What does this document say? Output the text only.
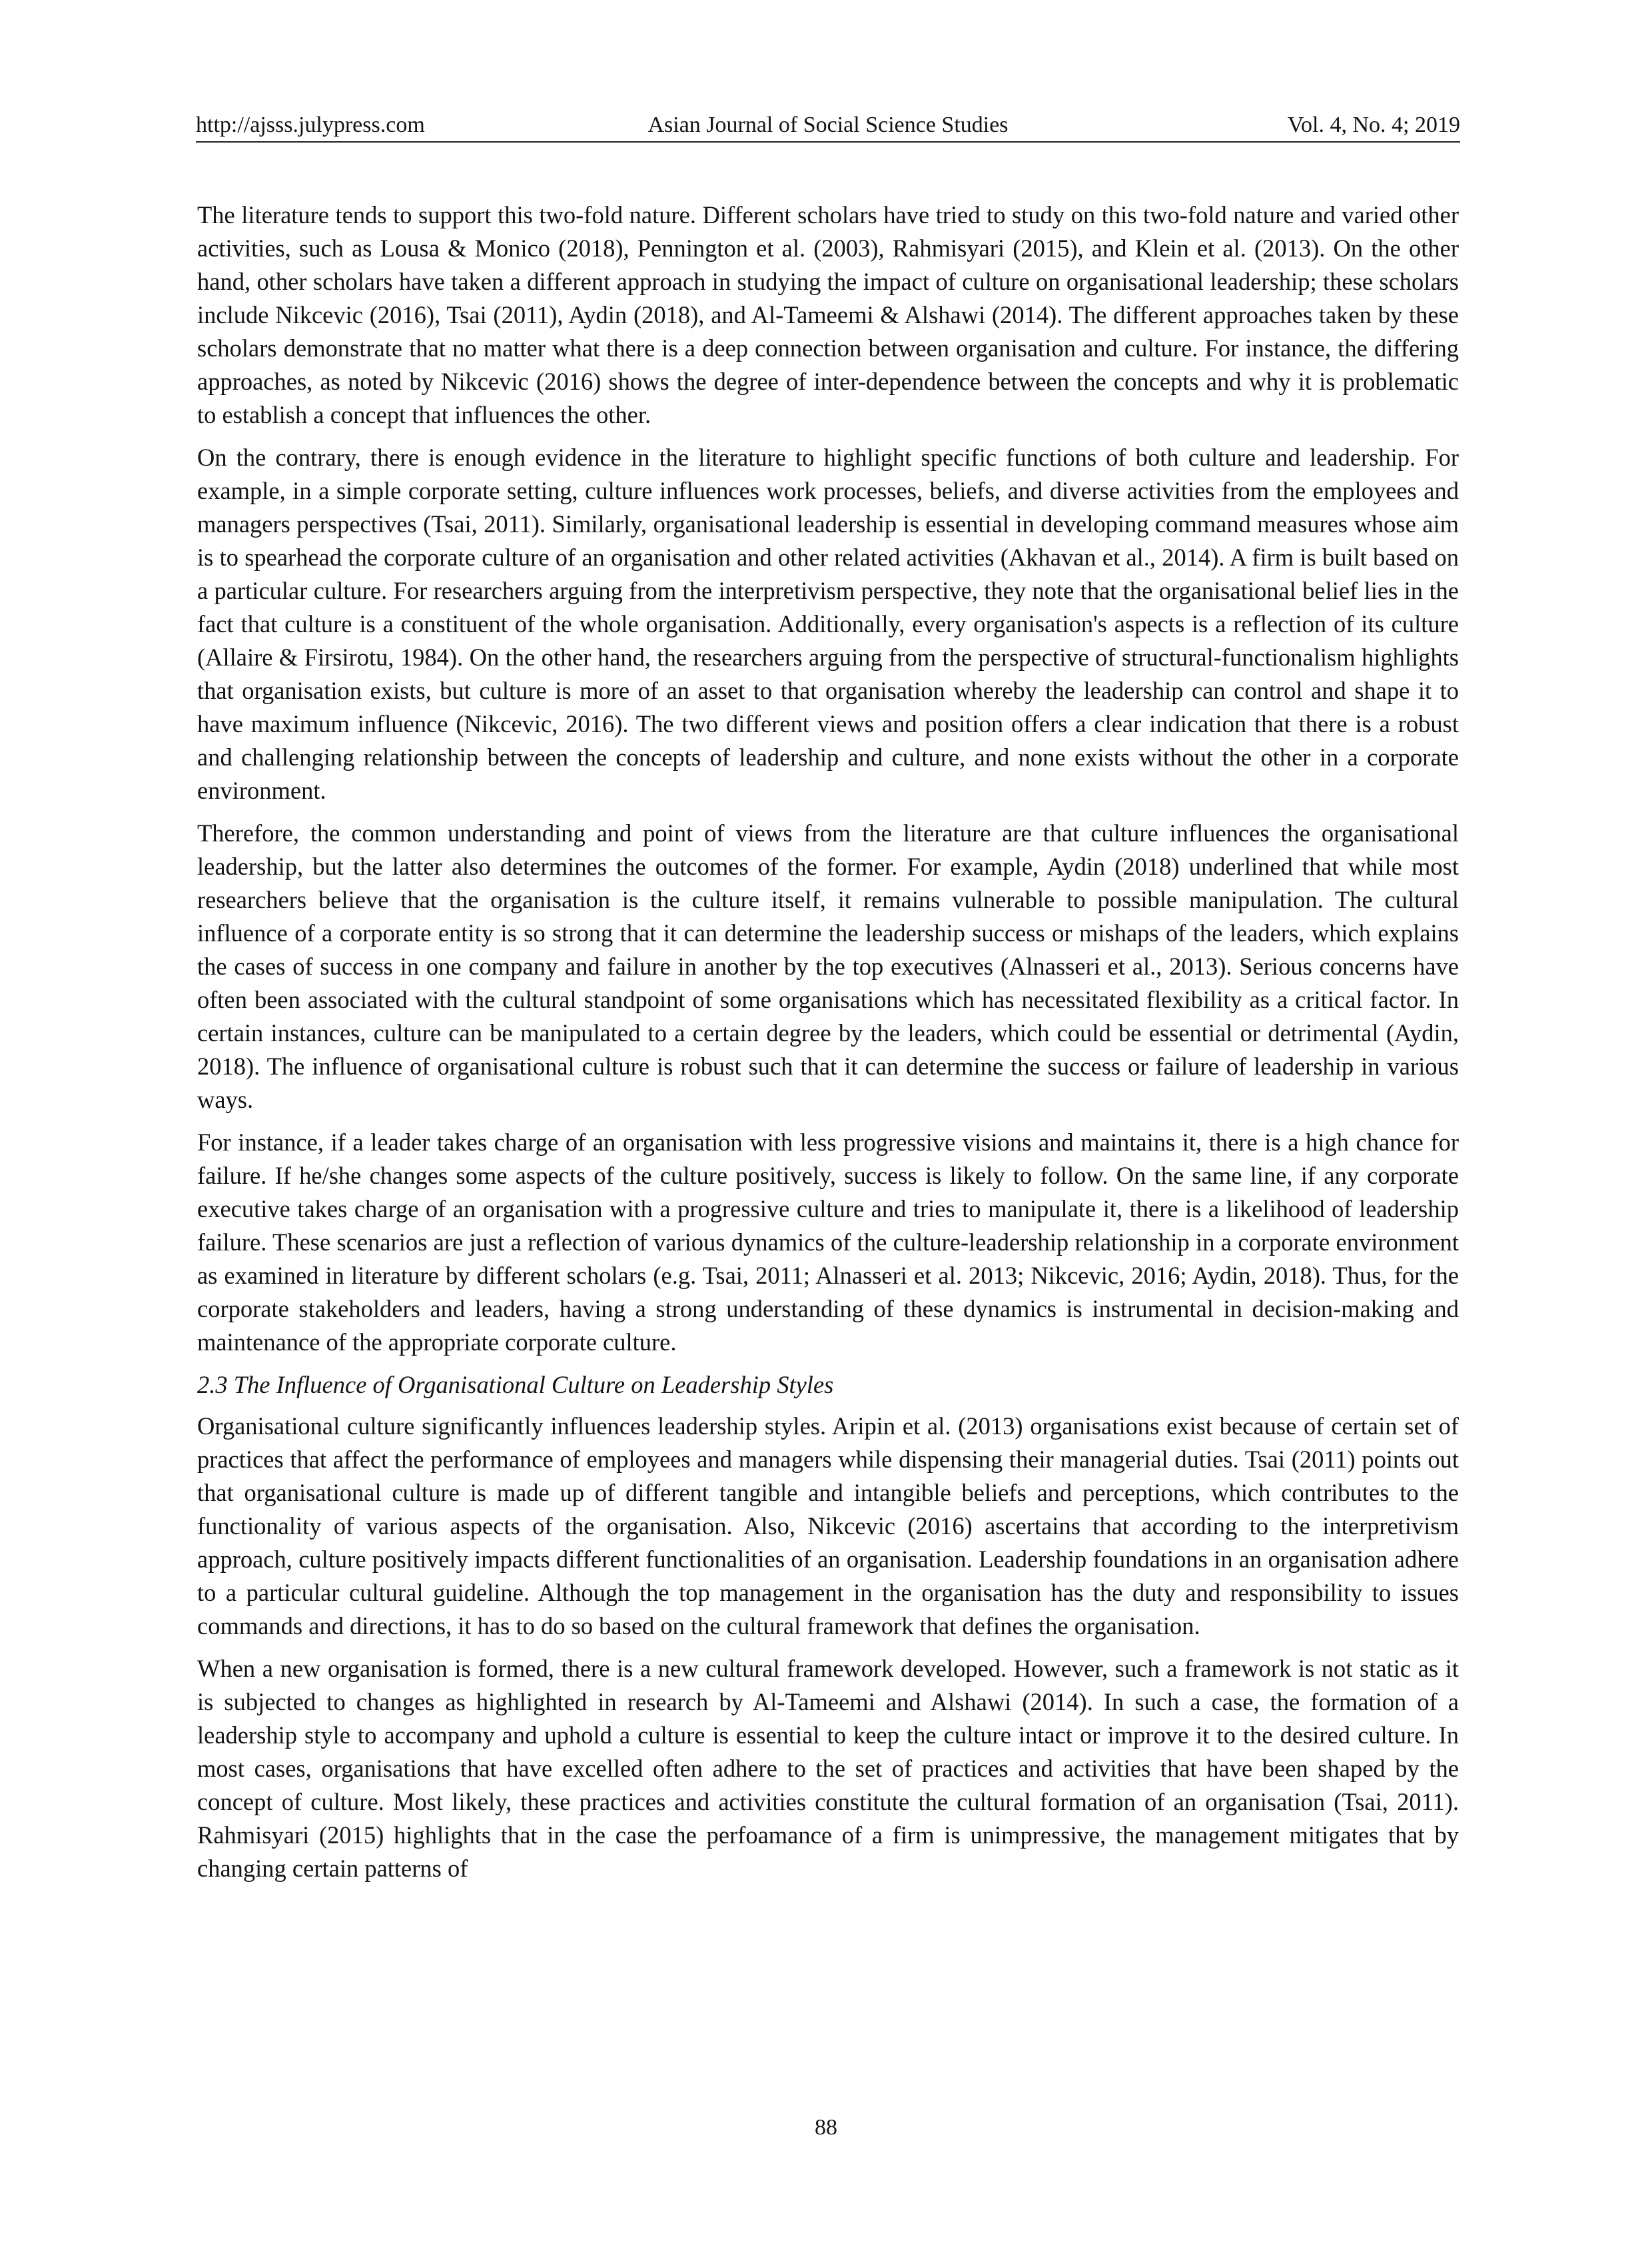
http://ajsss.julypress.com	Asian Journal of Social Science Studies	Vol. 4, No. 4; 2019

The literature tends to support this two-fold nature. Different scholars have tried to study on this two-fold nature and varied other activities, such as Lousa & Monico (2018), Pennington et al. (2003), Rahmisyari (2015), and Klein et al. (2013). On the other hand, other scholars have taken a different approach in studying the impact of culture on organisational leadership; these scholars include Nikcevic (2016), Tsai (2011), Aydin (2018), and Al-Tameemi & Alshawi (2014). The different approaches taken by these scholars demonstrate that no matter what there is a deep connection between organisation and culture. For instance, the differing approaches, as noted by Nikcevic (2016) shows the degree of inter-dependence between the concepts and why it is problematic to establish a concept that influences the other.

On the contrary, there is enough evidence in the literature to highlight specific functions of both culture and leadership. For example, in a simple corporate setting, culture influences work processes, beliefs, and diverse activities from the employees and managers perspectives (Tsai, 2011). Similarly, organisational leadership is essential in developing command measures whose aim is to spearhead the corporate culture of an organisation and other related activities (Akhavan et al., 2014). A firm is built based on a particular culture. For researchers arguing from the interpretivism perspective, they note that the organisational belief lies in the fact that culture is a constituent of the whole organisation. Additionally, every organisation's aspects is a reflection of its culture (Allaire & Firsirotu, 1984). On the other hand, the researchers arguing from the perspective of structural-functionalism highlights that organisation exists, but culture is more of an asset to that organisation whereby the leadership can control and shape it to have maximum influence (Nikcevic, 2016). The two different views and position offers a clear indication that there is a robust and challenging relationship between the concepts of leadership and culture, and none exists without the other in a corporate environment.

Therefore, the common understanding and point of views from the literature are that culture influences the organisational leadership, but the latter also determines the outcomes of the former. For example, Aydin (2018) underlined that while most researchers believe that the organisation is the culture itself, it remains vulnerable to possible manipulation. The cultural influence of a corporate entity is so strong that it can determine the leadership success or mishaps of the leaders, which explains the cases of success in one company and failure in another by the top executives (Alnasseri et al., 2013). Serious concerns have often been associated with the cultural standpoint of some organisations which has necessitated flexibility as a critical factor. In certain instances, culture can be manipulated to a certain degree by the leaders, which could be essential or detrimental (Aydin, 2018). The influence of organisational culture is robust such that it can determine the success or failure of leadership in various ways.

For instance, if a leader takes charge of an organisation with less progressive visions and maintains it, there is a high chance for failure. If he/she changes some aspects of the culture positively, success is likely to follow. On the same line, if any corporate executive takes charge of an organisation with a progressive culture and tries to manipulate it, there is a likelihood of leadership failure. These scenarios are just a reflection of various dynamics of the culture-leadership relationship in a corporate environment as examined in literature by different scholars (e.g. Tsai, 2011; Alnasseri et al. 2013; Nikcevic, 2016; Aydin, 2018). Thus, for the corporate stakeholders and leaders, having a strong understanding of these dynamics is instrumental in decision-making and maintenance of the appropriate corporate culture.

2.3 The Influence of Organisational Culture on Leadership Styles

Organisational culture significantly influences leadership styles. Aripin et al. (2013) organisations exist because of certain set of practices that affect the performance of employees and managers while dispensing their managerial duties. Tsai (2011) points out that organisational culture is made up of different tangible and intangible beliefs and perceptions, which contributes to the functionality of various aspects of the organisation. Also, Nikcevic (2016) ascertains that according to the interpretivism approach, culture positively impacts different functionalities of an organisation. Leadership foundations in an organisation adhere to a particular cultural guideline. Although the top management in the organisation has the duty and responsibility to issues commands and directions, it has to do so based on the cultural framework that defines the organisation.

When a new organisation is formed, there is a new cultural framework developed. However, such a framework is not static as it is subjected to changes as highlighted in research by Al-Tameemi and Alshawi (2014). In such a case, the formation of a leadership style to accompany and uphold a culture is essential to keep the culture intact or improve it to the desired culture. In most cases, organisations that have excelled often adhere to the set of practices and activities that have been shaped by the concept of culture. Most likely, these practices and activities constitute the cultural formation of an organisation (Tsai, 2011). Rahmisyari (2015) highlights that in the case the perfoamance of a firm is unimpressive, the management mitigates that by changing certain patterns of

88
